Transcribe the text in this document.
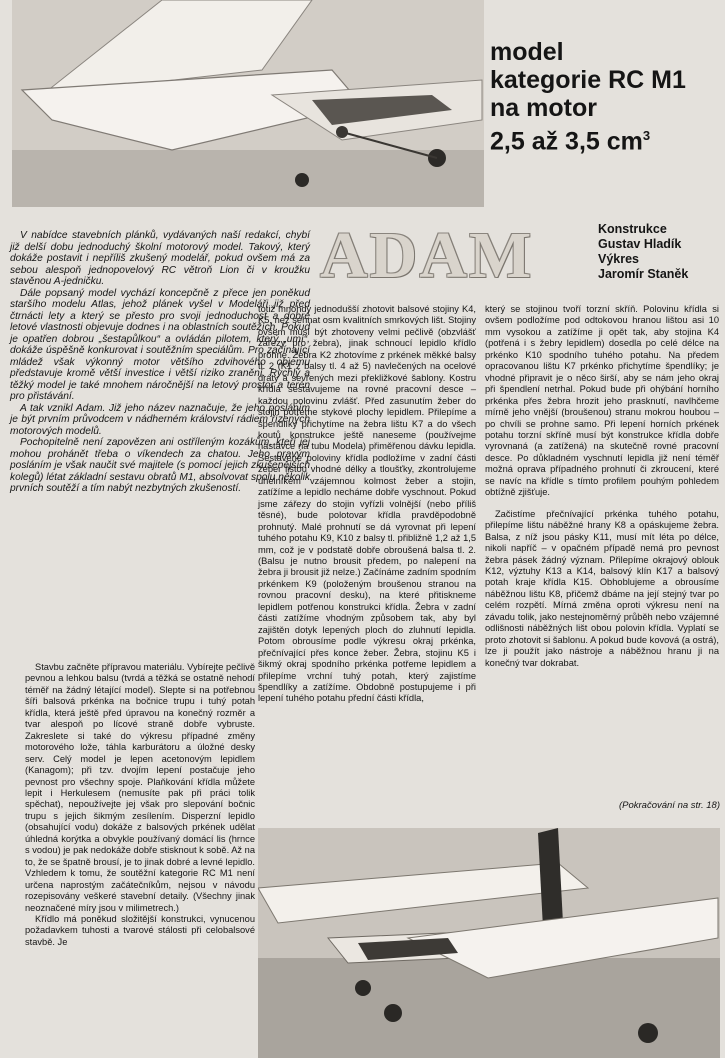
model
kategorie RC M1
na motor
2,5 až 3,5 $cm^3$
ADAM	Konstrukce
Gustav Hladík
Výkres
Jaromír Staněk

V nabídce stavebních plánků, vydávaných naší redakcí, chybí již delší dobu jednoduchý školní motorový model. Takový, který dokáže postavit i nepříliš zkušený modelář, pokud ovšem má za sebou alespoň jednopovelový RC větroň Lion či v kroužku stavěnou A-jedničku.

Dále popsaný model vychází koncepčně z přece jen poněkud staršího modelu Atlas, jehož plánek vyšel v Modeláři již před čtrnácti lety a který se přesto pro svoji jednoduchost a dobré letové vlastnosti objevuje dodnes i na oblastních soutěžích. Pokud je opatřen dobrou „šestapůlkou“ a ovládán pilotem, který „umí“, dokáže úspěšně konkurovat i soutěžním speciálům. Pro začínající mládež však výkonný motor většího zdvihového objemu představuje kromě větší investice i větší riziko zranění. Rychlý a těžký model je také mnohem náročnější na letový prostor a terén pro přistávání.

A tak vznikl Adam. Již jeho název naznačuje, že jeho posláním je být prvním průvodcem v nádherném království rádiem řízených motorových modelů.

Pochopitelně není zapovězen ani ostříleným kozákům, kteří jej mohou prohánět třeba o víkendech za chatou. Jeho pravým posláním je však naučit své majitele (s pomocí jejich zkušenějších kolegů) létat základní sestavu obratů M1, absolvovat spolu několik prvních soutěží a tím nabýt nezbytných zkušeností.

Stavbu začněte přípravou materiálu. Vybírejte pečlivě pevnou a lehkou balsu (tvrdá a těžká se ostatně nehodí téměř na žádný létající model). Slepte si na potřebnou šíři balsová prkénka na bočnice trupu i tuhý potah křídla, která ještě před úpravou na konečný rozměr a tvar alespoň po lícové straně dobře vybruste. Zakreslete si také do výkresu případné změny motorového lože, táhla karburátoru a úložné desky serv. Celý model je lepen acetonovým lepidlem (Kanagom); při tzv. dvojím lepení postačuje jeho pevnost pro všechny spoje. Plaňkování křídla můžete lepit i Herkulesem (nemusíte pak při práci tolik spěchat), nepoužívejte jej však pro slepování bočnic trupu s jejich šikmým zesílením. Disperzní lepidlo (obsahující vodu) dokáže z balsových prkének udělat úhledná korýtka a obvykle používaný domácí lis (hrnce s vodou) je pak nedokáže dobře stisknout k sobě. Až na to, že se špatně brousí, je to jinak dobré a levné lepidlo. Vzhledem k tomu, že soutěžní kategorie RC M1 není určena naprostým začátečníkům, nejsou v návodu rozepisovány veškeré stavební detaily. (Všechny jinak neoznačené míry jsou v milimetrech.)

Křídlo má poněkud složitější konstrukci, vynucenou požadavkem tuhosti a tvarové stálosti při celobalsové stavbě. Je

totiž mnohdy jednodušší zhotovit balsové stojiny K4, K5, než sehnat osm kvalitních smrkových lišt. Stojiny ovšem musí být zhotoveny velmi pečlivě (obzvlášť zářezy pro žebra), jinak schnoucí lepidlo křídlo prohne. Žebra K2 zhotovíme z prkének měkké balsy tl. 2 (K1 z balsy tl. 4 až 5) navlečených na ocelové dráty a sevřených mezi překližkové šablony. Kostru křídla sestavujeme na rovné pracovní desce – každou polovinu zvlášť. Před zasunutím žeber do stojin potřeme stykové plochy lepidlem. Přilepíme a špendlíky přichytíme na žebra lištu K7 a do všech koutů konstrukce ještě naneseme (používejme nástavce na tubu Modela) přiměřenou dávku lepidla. Sestavené poloviny křídla podložíme v zadní části žeber lištou vhodné délky a tloušťky, zkontrolujeme úhelníkem vzájemnou kolmost žeber a stojin, zatížíme a lepidlo necháme dobře vyschnout. Pokud jsme zářezy do stojin vyřízli volnější (nebo příliš těsné), bude polotovar křídla pravděpodobně prohnutý. Malé prohnutí se dá vyrovnat při lepení tuhého potahu K9, K10 z balsy tl. přibližně 1,2 až 1,5 mm, což je v podstatě dobře obroušená balsa tl. 2. (Balsu je nutno brousit předem, po nalepení na žebra ji brousit již nelze.) Začínáme zadním spodním prkénkem K9 (položeným broušenou stranou na rovnou pracovní desku), na které přitiskneme lepidlem potřenou konstrukci křídla. Žebra v zadní části zatížíme vhodným způsobem tak, aby byl zajištěn dotyk lepených ploch do zluhnutí lepidla. Potom obrousíme podle výkresu okraj prkénka, přečnívající přes konce žeber. Žebra, stojinu K5 i šikmý okraj spodního prkénka potřeme lepidlem a přilepíme vrchní tuhý potah, který zajistíme špendlíky a zatížíme. Obdobně postupujeme i při lepení tuhého potahu přední části křídla,

který se stojinou tvoří torzní skříň. Polovinu křídla si ovšem podložíme pod odtokovou hranou lištou asi 10 mm vysokou a zatížíme ji opět tak, aby stojina K4 (potřená i s žebry lepidlem) dosedla po celé délce na prkénko K10 spodního tuhého potahu. Na předem opracovanou lištu K7 prkénko přichytíme špendlíky; je vhodné připravit je o něco širší, aby se nám jeho okraj při špendlení netrhal. Pokud bude při ohýbání horního prkénka přes žebra hrozit jeho prasknutí, navlhčeme mírně jeho vnější (broušenou) stranu mokrou houbou – po chvíli se prohne samo. Při lepení horních prkének potahu torzní skříně musí být konstrukce křídla dobře vyrovnaná (a zatížená) na skutečně rovné pracovní desce. Po důkladném vyschnutí lepidla již není téměř možná oprava případného prohnutí či zkroucení, které se navíc na křídle s tímto profilem pouhým pohledem obtížně zjišťuje.

Začistíme přečnívající prkénka tuhého potahu, přilepíme lištu náběžné hrany K8 a opáskujeme žebra. Balsa, z níž jsou pásky K11, musí mít léta po délce, nikoli napříč – v opačném případě nemá pro pevnost žebra pásek žádný význam. Přilepíme okrajový oblouk K12, výztuhy K13 a K14, balsový klín K17 a balsový potah kraje křídla K15. Obhoblujeme a obrousíme náběžnou lištu K8, přičemž dbáme na její stejný tvar po celém rozpětí. Mírná změna oproti výkresu není na závadu tolik, jako nestejnoměrný průběh nebo vzájemné odlišnosti náběžných lišt obou polovin křídla. Vyplatí se proto zhotovit si šablonu. A pokud bude kovová (a ostrá), lze ji použít jako nástroje a náběžnou hranu ji na konečný tvar dokrabat.

(Pokračování na str. 18)
